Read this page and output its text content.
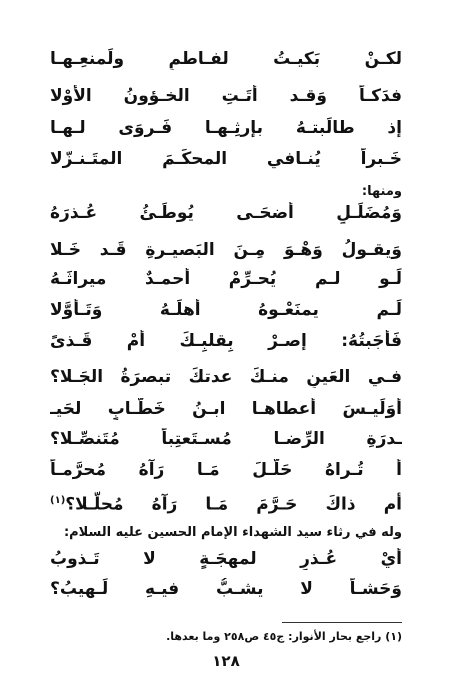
لكـنْ بَكيـتُ لفـاطمِ ولَمنعِـهـا
فدَكـاً وَقـد أتَـتِ الخـؤونُ الأَوْلا
إذ طالَبتـهُ بإرثِـهـا فَـروَى لـهـا
خَـبراً يُنـافي المحكَـمَ المتَـنـزّلا
ومنها:
وَمُضَلِّـلٍ أضحَـى يُوطِّـئُ عُـذرَهُ
وَيقـولُ وَهْـوَ مِـنَ البَصيـرةِ قَـد خَـلا
لَـو لـم يُحـرِّمْ أحمـدٌ ميراثَـهُ
لَـم يمنَعْـوهُ أهلَـهُ وَتَـأوَّلا
فَأجَبتُهُ: إصـرْ بِقلبِـكَ أمْ قَـذىً
فـي العَينِ منـكَ عدتكَ تبصرَةُ الجَـلا؟
أوَلَيـسَ أعطاهـا ابـنُ خَطّـابٍ لحَيـ
ـدرَةِ الرِّضـا مُسـتَعتِباً مُتَنصِّـلا؟
أ تُـراهُ حَلّـلَ مَـا رَآهُ مُحرَّمـاً
أم ذاكَ حَـرَّمَ مَـا رَآهُ مُحلّـلا؟$^{(١)}$
وله في رثاء سيد الشهداء الإمام الحسين عليه السلام:
أيْ عُـذرٍ لمهجَـةٍ لا تَـذوبُ
وَحَشـاً لا يشـبُّ فيـهِ لَـهيبُ؟
(١) راجع بحار الأنوار: ج٤٥ ص٢٥٨ وما بعدها.
١٢٨
